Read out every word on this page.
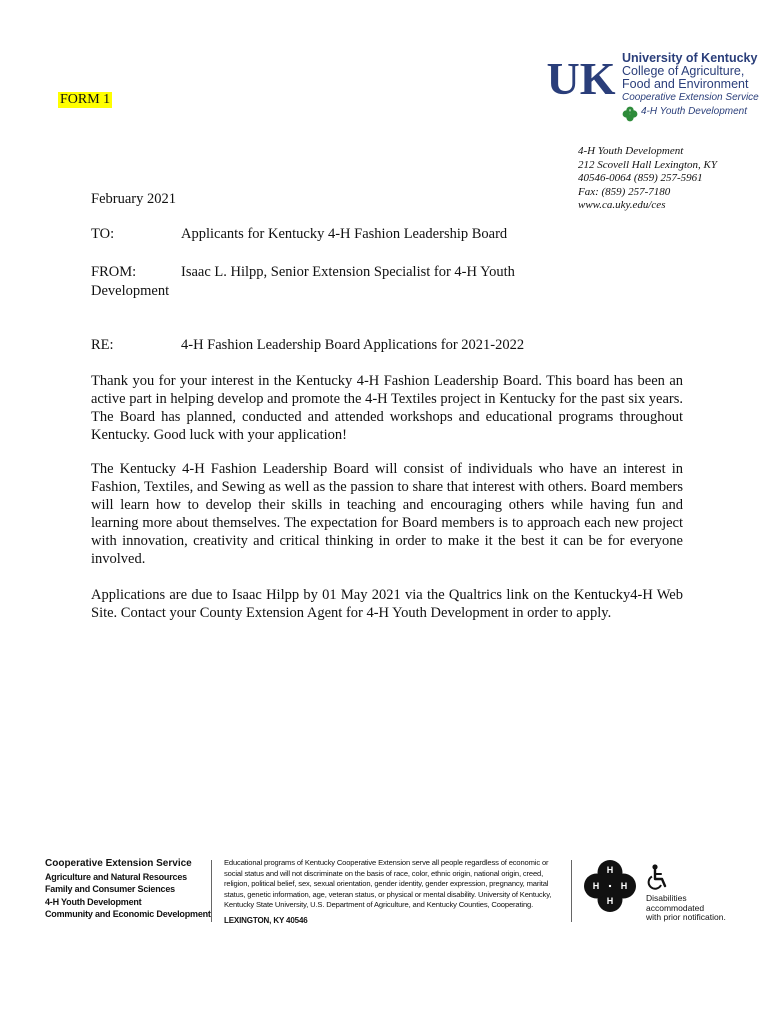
FORM 1	UK University of Kentucky
College of Agriculture,
Food and Environment
Cooperative Extension Service
H 4-H Youth Development
4-H Youth Development
212 Scovell Hall Lexington, KY
40546-0064 (859) 257-5961
Fax: (859) 257-7180
www.ca.uky.edu/ces
February 2021
TO:	Applicants for Kentucky 4-H Fashion Leadership Board
FROM:	Isaac L. Hilpp, Senior Extension Specialist for 4-H Youth
Development
RE:	4-H Fashion Leadership Board Applications for 2021-2022
Thank you for your interest in the Kentucky 4-H Fashion Leadership Board. This board has been an active part in helping develop and promote the 4-H Textiles project in Kentucky for the past six years. The Board has planned, conducted and attended workshops and educational programs throughout Kentucky. Good luck with your application!
The Kentucky 4-H Fashion Leadership Board will consist of individuals who have an interest in Fashion, Textiles, and Sewing as well as the passion to share that interest with others. Board members will learn how to develop their skills in teaching and encouraging others while having fun and learning more about themselves. The expectation for Board members is to approach each new project with innovation, creativity and critical thinking in order to make it the best it can be for everyone involved.
Applications are due to Isaac Hilpp by 01 May 2021 via the Qualtrics link on the Kentucky4-H Web Site. Contact your County Extension Agent for 4-H Youth Development in order to apply.
Cooperative Extension Service
Agriculture and Natural Resources
Family and Consumer Sciences
4-H Youth Development
Community and Economic Development
Educational programs of Kentucky Cooperative Extension serve all people regardless of economic or social status and will not discriminate on the basis of race, color, ethnic origin, national origin, creed, religion, political belief, sex, sexual orientation, gender identity, gender expression, pregnancy, marital status, genetic information, age, veteran status, or physical or mental disability. University of Kentucky, Kentucky State University, U.S. Department of Agriculture, and Kentucky Counties, Cooperating.
LEXINGTON, KY 40546
H
H
H
H
Disabilities
accommodated
with prior notification.
